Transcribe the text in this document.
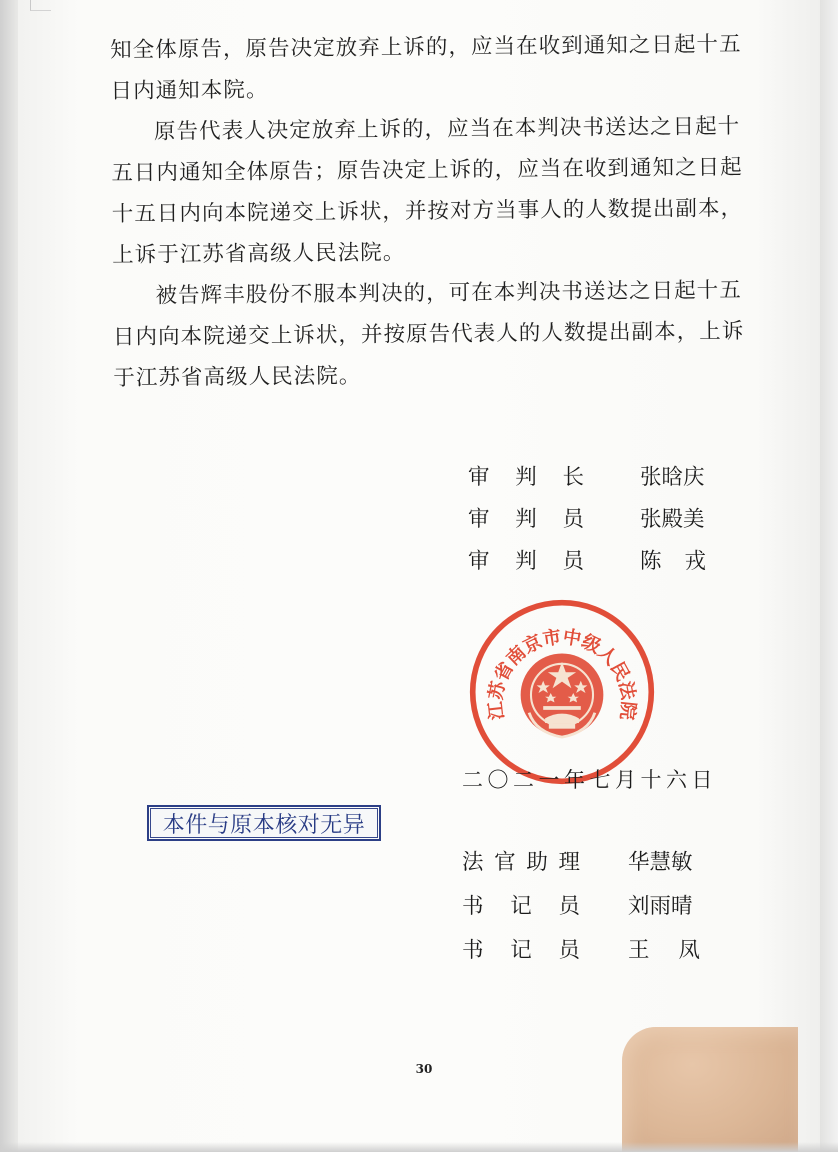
知全体原告，原告决定放弃上诉的，应当在收到通知之日起十五
日内通知本院。
原告代表人决定放弃上诉的，应当在本判决书送达之日起十
五日内通知全体原告；原告决定上诉的，应当在收到通知之日起
十五日内向本院递交上诉状，并按对方当事人的人数提出副本，
上诉于江苏省高级人民法院。
被告辉丰股份不服本判决的，可在本判决书送达之日起十五
日内向本院递交上诉状，并按原告代表人的人数提出副本，上诉
于江苏省高级人民法院。
审 判 长	张晗庆
审 判 员	张殿美
审 判 员	陈 戎
江苏省南京市中级人民法院
二〇二一年七月十六日
本件与原本核对无异
法 官 助 理 华慧敏
书 记 员 刘雨晴
书 记 员 王 凤
30
